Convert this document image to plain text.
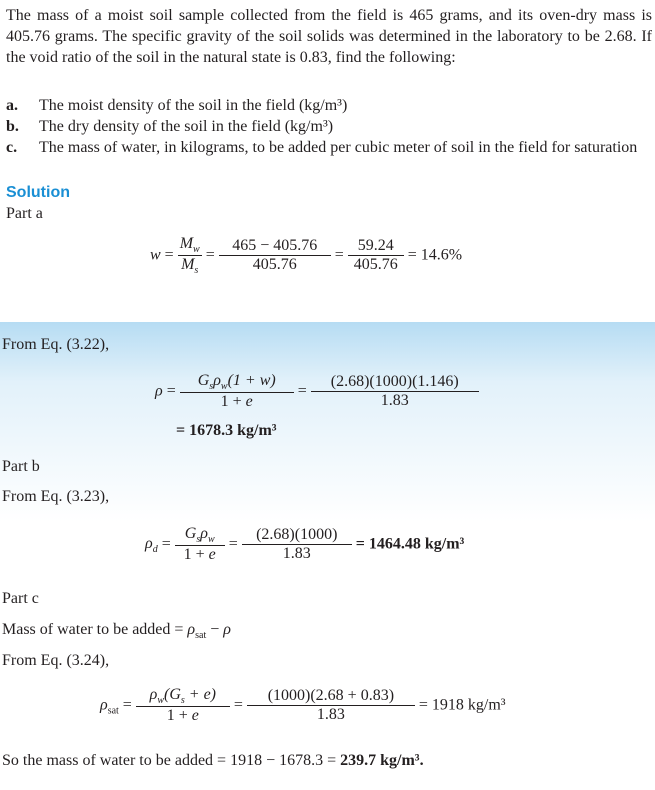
The mass of a moist soil sample collected from the field is 465 grams, and its oven-dry mass is 405.76 grams. The specific gravity of the soil solids was determined in the laboratory to be 2.68. If the void ratio of the soil in the natural state is 0.83, find the following:
a. The moist density of the soil in the field (kg/m³)
b. The dry density of the soil in the field (kg/m³)
c. The mass of water, in kilograms, to be added per cubic meter of soil in the field for saturation
Solution
Part a
$w = \frac{M_w}{M_s} = \frac{465 - 405.76}{405.76} = \frac{59.24}{405.76} = 14.6\%$
From Eq. (3.22),
$\rho = \frac{G_s\rho_w(1 + w)}{1 + e} = \frac{(2.68)(1000)(1.146)}{1.83}$
= 1678.3 kg/m³
Part b
From Eq. (3.23),
$\rho_d = \frac{G_s\rho_w}{1 + e} = \frac{(2.68)(1000)}{1.83} = 1464.48$ kg/m³
Part c
Mass of water to be added = $\rho_{sat} - \rho$
From Eq. (3.24),
$\rho_{sat} = \frac{\rho_w(G_s + e)}{1 + e} = \frac{(1000)(2.68 + 0.83)}{1.83} = 1918$ kg/m³
So the mass of water to be added = 1918 − 1678.3 = 239.7 kg/m³.
